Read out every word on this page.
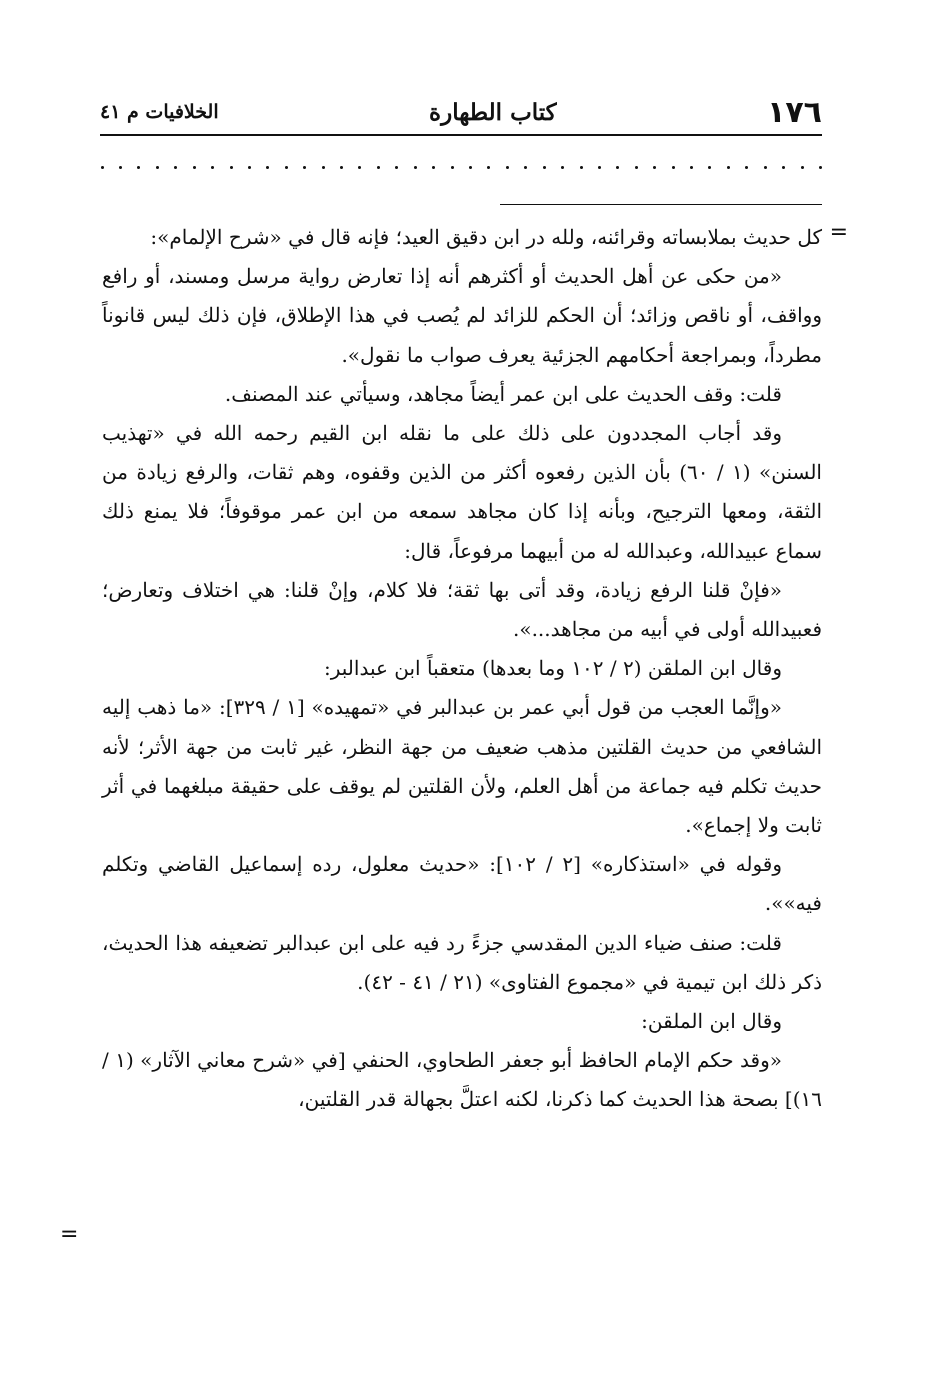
١٧٦
كتاب الطهارة
الخلافيات م ٤١
=

كل حديث بملابساته وقرائنه، ولله در ابن دقيق العيد؛ فإنه قال في «شرح الإلمام»:

«من حكى عن أهل الحديث أو أكثرهم أنه إذا تعارض رواية مرسل ومسند، أو رافع وواقف، أو ناقص وزائد؛ أن الحكم للزائد لم يُصب في هذا الإطلاق، فإن ذلك ليس قانوناً مطرداً، وبمراجعة أحكامهم الجزئية يعرف صواب ما نقول».

قلت: وقف الحديث على ابن عمر أيضاً مجاهد، وسيأتي عند المصنف.

وقد أجاب المجددون على ذلك على ما نقله ابن القيم رحمه الله في «تهذيب السنن» (١ / ٦٠) بأن الذين رفعوه أكثر من الذين وقفوه، وهم ثقات، والرفع زيادة من الثقة، ومعها الترجيح، وبأنه إذا كان مجاهد سمعه من ابن عمر موقوفاً؛ فلا يمنع ذلك سماع عبيدالله، وعبدالله له من أبيهما مرفوعاً، قال:

«فإنْ قلنا الرفع زيادة، وقد أتى بها ثقة؛ فلا كلام، وإنْ قلنا: هي اختلاف وتعارض؛ فعبيدالله أولى في أبيه من مجاهد...».

وقال ابن الملقن (٢ / ١٠٢ وما بعدها) متعقباً ابن عبدالبر:

«وإنَّما العجب من قول أبي عمر بن عبدالبر في «تمهيده» [١ / ٣٢٩]: «ما ذهب إليه الشافعي من حديث القلتين مذهب ضعيف من جهة النظر، غير ثابت من جهة الأثر؛ لأنه حديث تكلم فيه جماعة من أهل العلم، ولأن القلتين لم يوقف على حقيقة مبلغهما في أثر ثابت ولا إجماع».

وقوله في «استذكاره» [٢ / ١٠٢]: «حديث معلول، رده إسماعيل القاضي وتكلم فيه»».

قلت: صنف ضياء الدين المقدسي جزءً رد فيه على ابن عبدالبر تضعيفه هذا الحديث، ذكر ذلك ابن تيمية في «مجموع الفتاوى» (٢١ / ٤١ - ٤٢).

وقال ابن الملقن:

«وقد حكم الإمام الحافظ أبو جعفر الطحاوي، الحنفي [في «شرح معاني الآثار» (١ / ١٦)] بصحة هذا الحديث كما ذكرنا، لكنه اعتلَّ بجهالة قدر القلتين،

=
